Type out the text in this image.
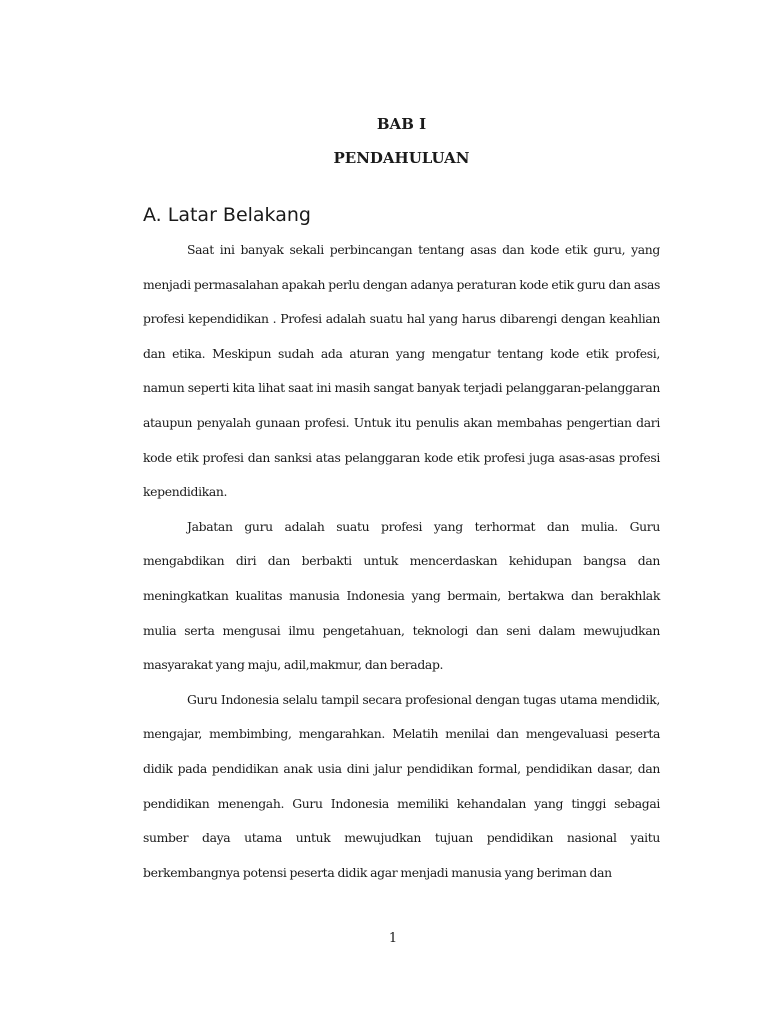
BAB I
PENDAHULUAN
A. Latar Belakang

Saat ini banyak sekali perbincangan tentang asas dan kode etik guru, yang menjadi permasalahan apakah perlu dengan adanya peraturan kode etik guru dan asas profesi kependidikan . Profesi adalah suatu hal yang harus dibarengi dengan keahlian dan etika. Meskipun sudah ada aturan yang mengatur tentang kode etik profesi, namun seperti kita lihat saat ini masih sangat banyak terjadi pelanggaran-pelanggaran ataupun penyalah gunaan profesi. Untuk itu penulis akan membahas pengertian dari kode etik profesi dan sanksi atas pelanggaran kode etik profesi juga asas-asas profesi kependidikan.

Jabatan guru adalah suatu profesi yang terhormat dan mulia. Guru mengabdikan diri dan berbakti untuk mencerdaskan kehidupan bangsa dan meningkatkan kualitas manusia Indonesia yang bermain, bertakwa dan berakhlak mulia serta mengusai ilmu pengetahuan, teknologi dan seni dalam mewujudkan masyarakat yang maju, adil,makmur, dan beradap.

Guru Indonesia selalu tampil secara profesional dengan tugas utama mendidik, mengajar, membimbing, mengarahkan. Melatih menilai dan mengevaluasi peserta didik pada pendidikan anak usia dini jalur pendidikan formal, pendidikan dasar, dan pendidikan menengah. Guru Indonesia memiliki kehandalan yang tinggi sebagai sumber daya utama untuk mewujudkan tujuan pendidikan nasional yaitu berkembangnya potensi peserta didik agar menjadi manusia yang beriman dan

1
